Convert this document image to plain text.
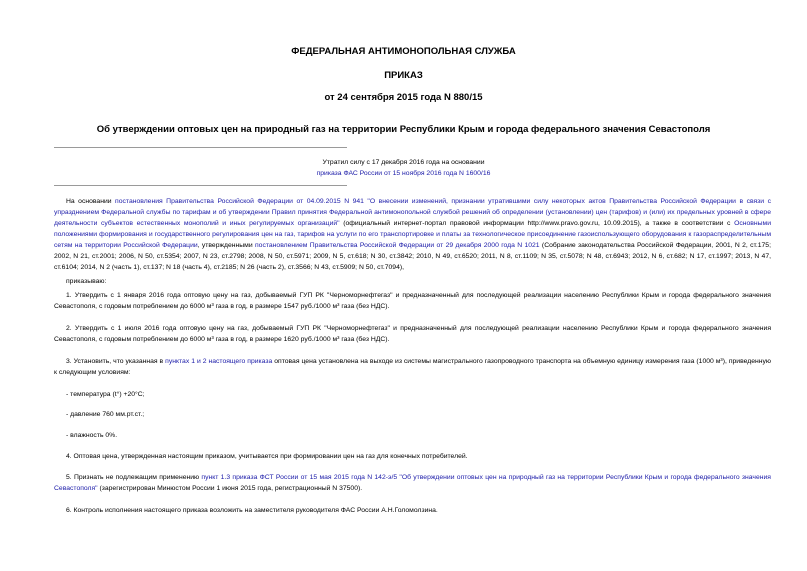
ФЕДЕРАЛЬНАЯ АНТИМОНОПОЛЬНАЯ СЛУЖБА
ПРИКАЗ
от 24 сентября 2015 года N 880/15
Об утверждении оптовых цен на природный газ на территории Республики Крым и города федерального значения Севастополя
Утратил силу с 17 декабря 2016 года на основании
приказа ФАС России от 15 ноября 2016 года N 1600/16

На основании постановления Правительства Российской Федерации от 04.09.2015 N 941 "О внесении изменений, признании утратившими силу некоторых актов Правительства Российской Федерации в связи с упразднением Федеральной службы по тарифам и об утверждении Правил принятия Федеральной антимонопольной службой решений об определении (установлении) цен (тарифов) и (или) их предельных уровней в сфере деятельности субъектов естественных монополий и иных регулируемых организаций" (официальный интернет-портал правовой информации http://www.pravo.gov.ru, 10.09.2015), а также в соответствии с Основными положениями формирования и государственного регулирования цен на газ, тарифов на услуги по его транспортировке и платы за технологическое присоединение газоиспользующего оборудования к газораспределительным сетям на территории Российской Федерации, утвержденными постановлением Правительства Российской Федерации от 29 декабря 2000 года N 1021 (Собрание законодательства Российской Федерации, 2001, N 2, ст.175; 2002, N 21, ст.2001; 2006, N 50, ст.5354; 2007, N 23, ст.2798; 2008, N 50, ст.5971; 2009, N 5, ст.618; N 30, ст.3842; 2010, N 49, ст.6520; 2011, N 8, ст.1109; N 35, ст.5078; N 48, ст.6943; 2012, N 6, ст.682; N 17, ст.1997; 2013, N 47, ст.6104; 2014, N 2 (часть 1), ст.137; N 18 (часть 4), ст.2185; N 26 (часть 2), ст.3566; N 43, ст.5909; N 50, ст.7094),

приказываю:

1. Утвердить с 1 января 2016 года оптовую цену на газ, добываемый ГУП РК "Черноморнефтегаз" и предназначенный для последующей реализации населению Республики Крым и города федерального значения Севастополя, с годовым потреблением до 6000 м³ газа в год, в размере 1547 руб./1000 м³ газа (без НДС).

2. Утвердить с 1 июля 2016 года оптовую цену на газ, добываемый ГУП РК "Черноморнефтегаз" и предназначенный для последующей реализации населению Республики Крым и города федерального значения Севастополя, с годовым потреблением до 6000 м³ газа в год, в размере 1620 руб./1000 м³ газа (без НДС).

3. Установить, что указанная в пунктах 1 и 2 настоящего приказа оптовая цена установлена на выходе из системы магистрального газопроводного транспорта на объемную единицу измерения газа (1000 м³), приведенную к следующим условиям:

- температура (t°) +20°С;

- давление 760 мм.рт.ст.;

- влажность 0%.

4. Оптовая цена, утвержденная настоящим приказом, учитывается при формировании цен на газ для конечных потребителей.

5. Признать не подлежащим применению пункт 1.3 приказа ФСТ России от 15 мая 2015 года N 142-э/5 "Об утверждении оптовых цен на природный газ на территории Республики Крым и города федерального значения Севастополя" (зарегистрирован Минюстом России 1 июня 2015 года, регистрационный N 37500).

6. Контроль исполнения настоящего приказа возложить на заместителя руководителя ФАС России А.Н.Голомолзина.
